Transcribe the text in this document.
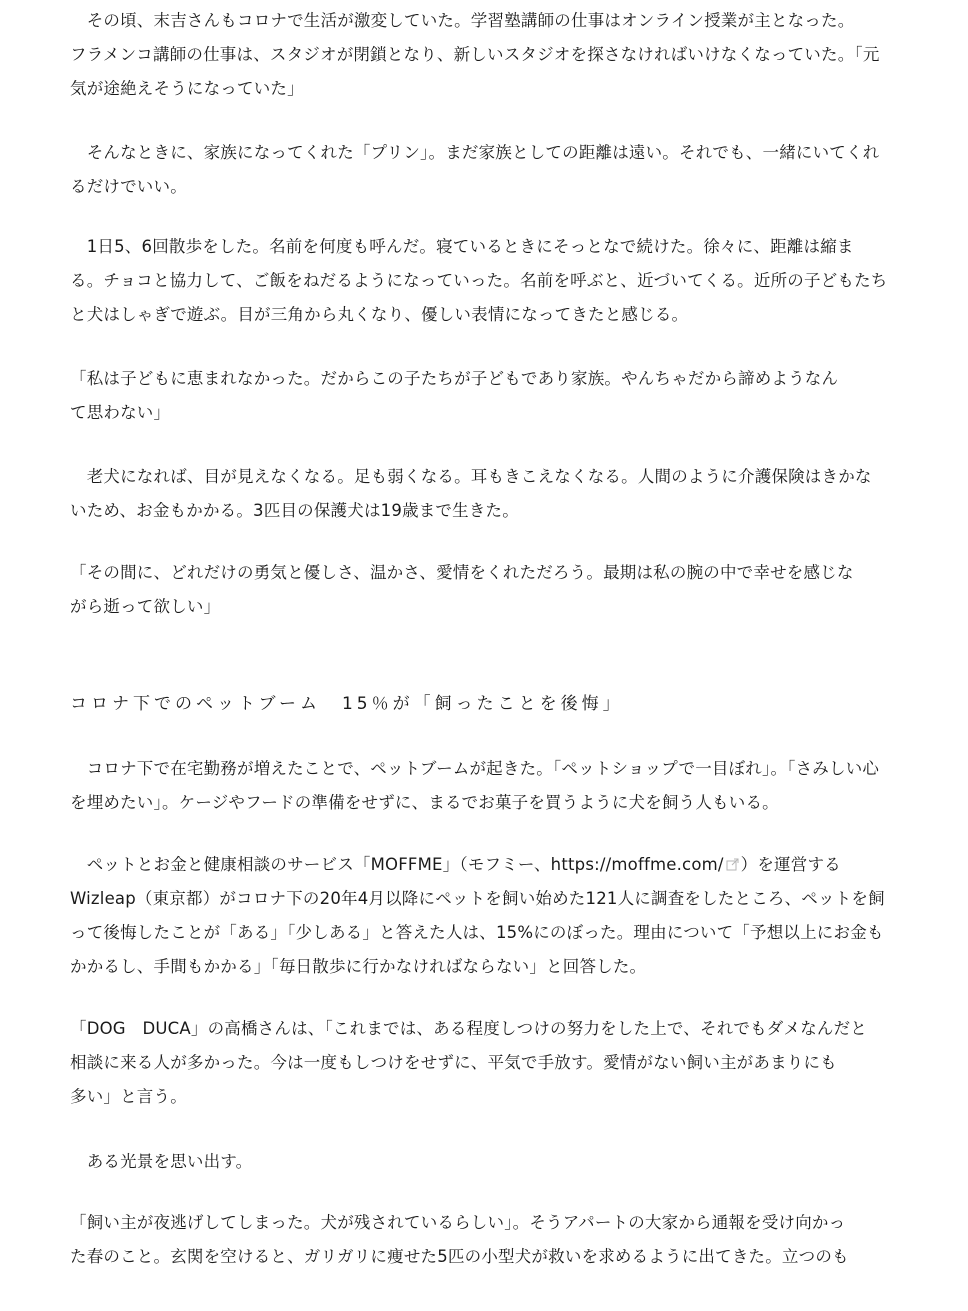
　その頃、末吉さんもコロナで生活が激変していた。学習塾講師の仕事はオンライン授業が主となった。
フラメンコ講師の仕事は、スタジオが閉鎖となり、新しいスタジオを探さなければいけなくなっていた。「元
気が途絶えそうになっていた」

　そんなときに、家族になってくれた「プリン」。まだ家族としての距離は遠い。それでも、一緒にいてくれ
るだけでいい。

　1日5、6回散歩をした。名前を何度も呼んだ。寝ているときにそっとなで続けた。徐々に、距離は縮ま
る。チョコと協力して、ご飯をねだるようになっていった。名前を呼ぶと、近づいてくる。近所の子どもたち
と犬はしゃぎで遊ぶ。目が三角から丸くなり、優しい表情になってきたと感じる。

「私は子どもに恵まれなかった。だからこの子たちが子どもであり家族。やんちゃだから諦めようなん
て思わない」

　老犬になれば、目が見えなくなる。足も弱くなる。耳もきこえなくなる。人間のように介護保険はきかな
いため、お金もかかる。3匹目の保護犬は19歳まで生きた。

「その間に、どれだけの勇気と優しさ、温かさ、愛情をくれただろう。最期は私の腕の中で幸せを感じな
がら逝って欲しい」

コロナ下でのペットブーム　15％が「飼ったことを後悔」

　コロナ下で在宅勤務が増えたことで、ペットブームが起きた。「ペットショップで一目ぼれ」。「さみしい心
を埋めたい」。ケージやフードの準備をせずに、まるでお菓子を買うように犬を飼う人もいる。

　ペットとお金と健康相談のサービス「MOFFME」（モフミー、https://moffme.com/ ）を運営する
Wizleap（東京都）がコロナ下の20年4月以降にペットを飼い始めた121人に調査をしたところ、ペットを飼
って後悔したことが「ある」「少しある」と答えた人は、15%にのぼった。理由について「予想以上にお金も
かかるし、手間もかかる」「毎日散歩に行かなければならない」と回答した。

「DOG　DUCA」の高橋さんは、「これまでは、ある程度しつけの努力をした上で、それでもダメなんだと
相談に来る人が多かった。今は一度もしつけをせずに、平気で手放す。愛情がない飼い主があまりにも
多い」と言う。

　ある光景を思い出す。

「飼い主が夜逃げしてしまった。犬が残されているらしい」。そうアパートの大家から通報を受け向かっ
た春のこと。玄関を空けると、ガリガリに痩せた5匹の小型犬が救いを求めるように出てきた。立つのも
